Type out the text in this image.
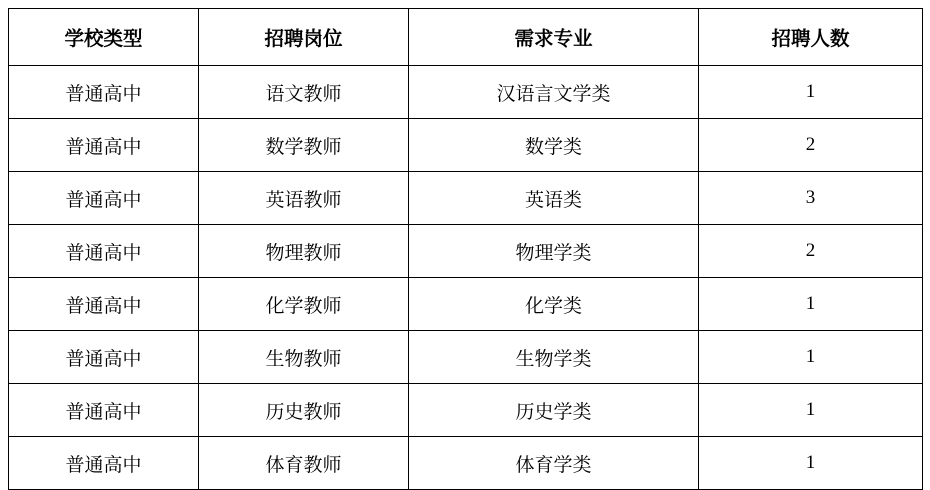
学校类型	招聘岗位	需求专业	招聘人数
普通高中	语文教师	汉语言文学类	1
普通高中	数学教师	数学类	2
普通高中	英语教师	英语类	3
普通高中	物理教师	物理学类	2
普通高中	化学教师	化学类	1
普通高中	生物教师	生物学类	1
普通高中	历史教师	历史学类	1
普通高中	体育教师	体育学类	1
